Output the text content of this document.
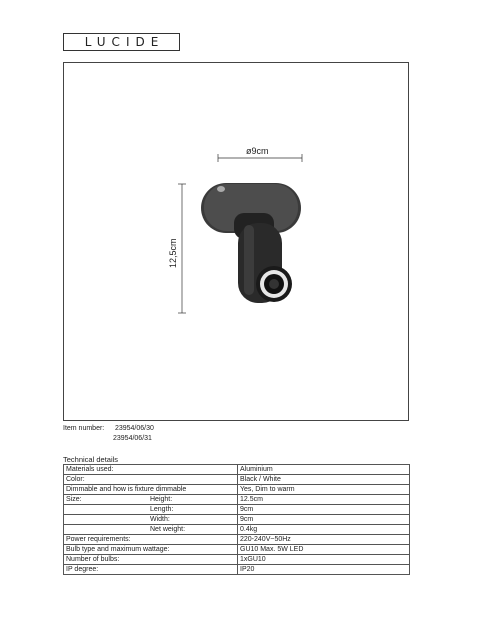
LUCIDE
ø9cm
12,5cm
Item number: 23954/06/30
23954/06/31
Technical details
Materials used:	Aluminium
Color:	Black / White
Dimmable and how is fixture dimmable	Yes, Dim to warm
Size: Height:	12.5cm
Length:	9cm
Width:	9cm
Net weight:	0.4kg
Power requirements:	220-240V~50Hz
Bulb type and maximum wattage:	GU10 Max. 5W LED
Number of bulbs:	1xGU10
IP degree:	IP20
